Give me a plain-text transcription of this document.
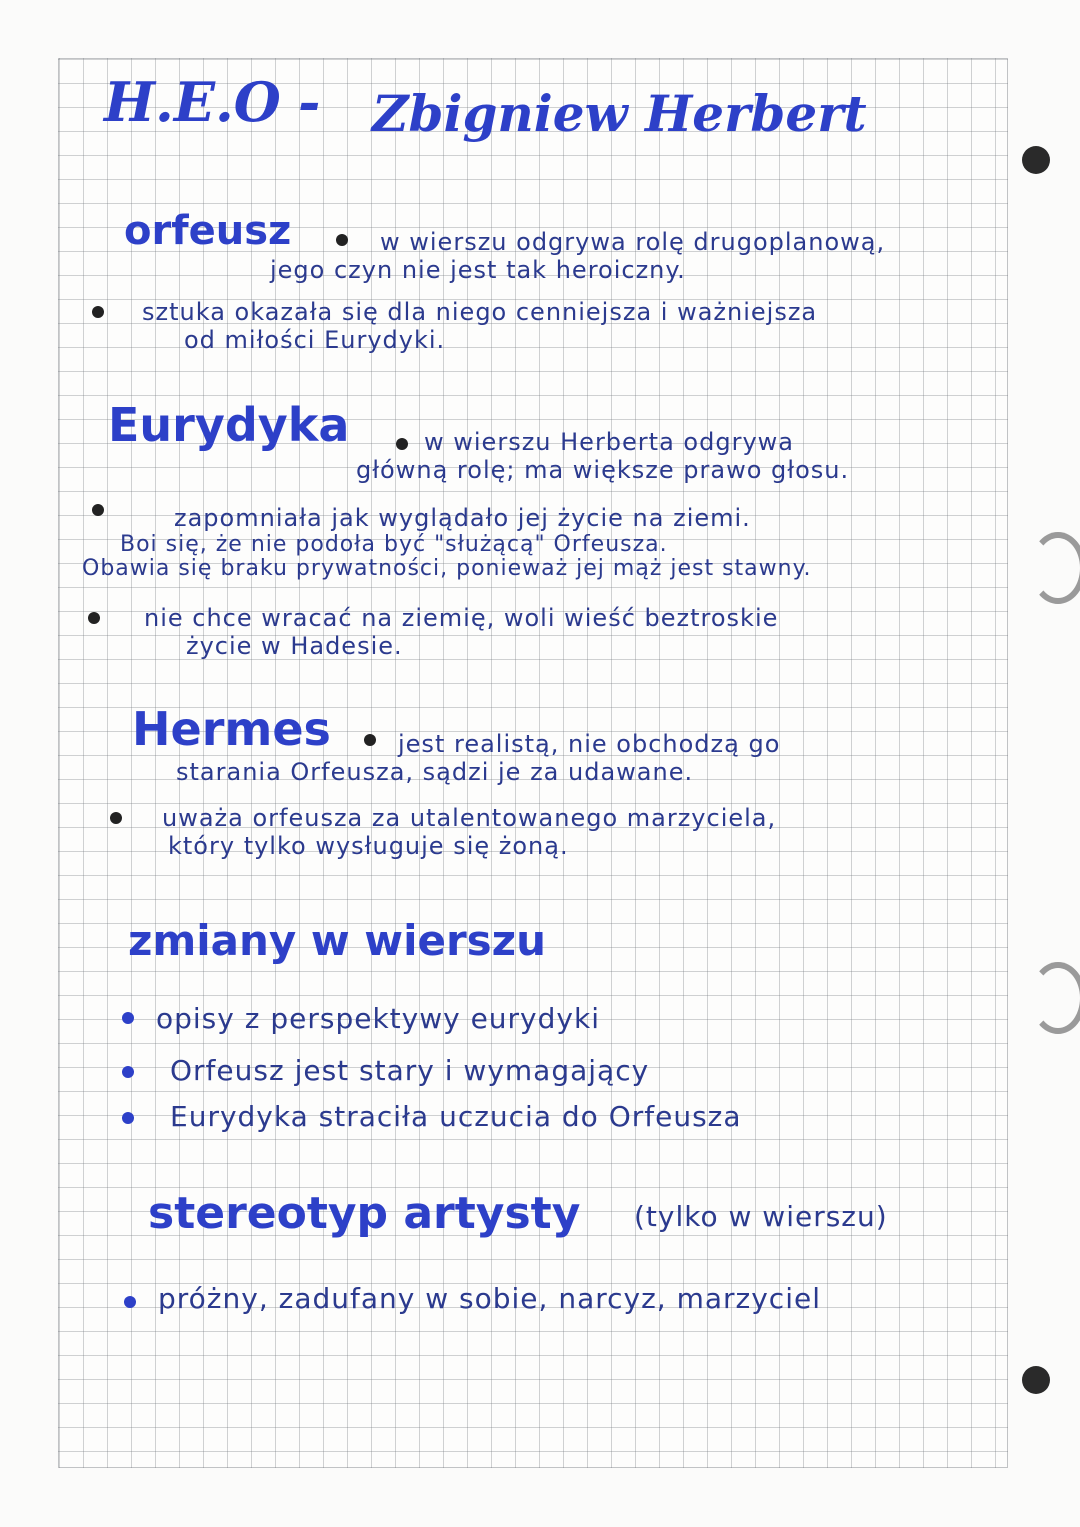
H.E.O - Zbigniew Herbert
orfeusz	w wierszu odgrywa rolę drugoplanową,
jego czyn nie jest tak heroiczny.
sztuka okazała się dla niego cenniejsza i ważniejsza
od miłości Eurydyki.
Eurydyka	w wierszu Herberta odgrywa
główną rolę; ma większe prawo głosu.
zapomniała jak wyglądało jej życie na ziemi.
Boi się, że nie podoła być "służącą" Orfeusza.
Obawia się braku prywatności, ponieważ jej mąż jest stawny.
nie chce wracać na ziemię, woli wieść beztroskie
życie w Hadesie.
Hermes	jest realistą, nie obchodzą go
starania Orfeusza, sądzi je za udawane.
uważa orfeusza za utalentowanego marzyciela,
który tylko wysługuje się żoną.
zmiany w wierszu
opisy z perspektywy eurydyki
Orfeusz jest stary i wymagający
Eurydyka straciła uczucia do Orfeusza
stereotyp artysty (tylko w wierszu)
próżny, zadufany w sobie, narcyz, marzyciel
